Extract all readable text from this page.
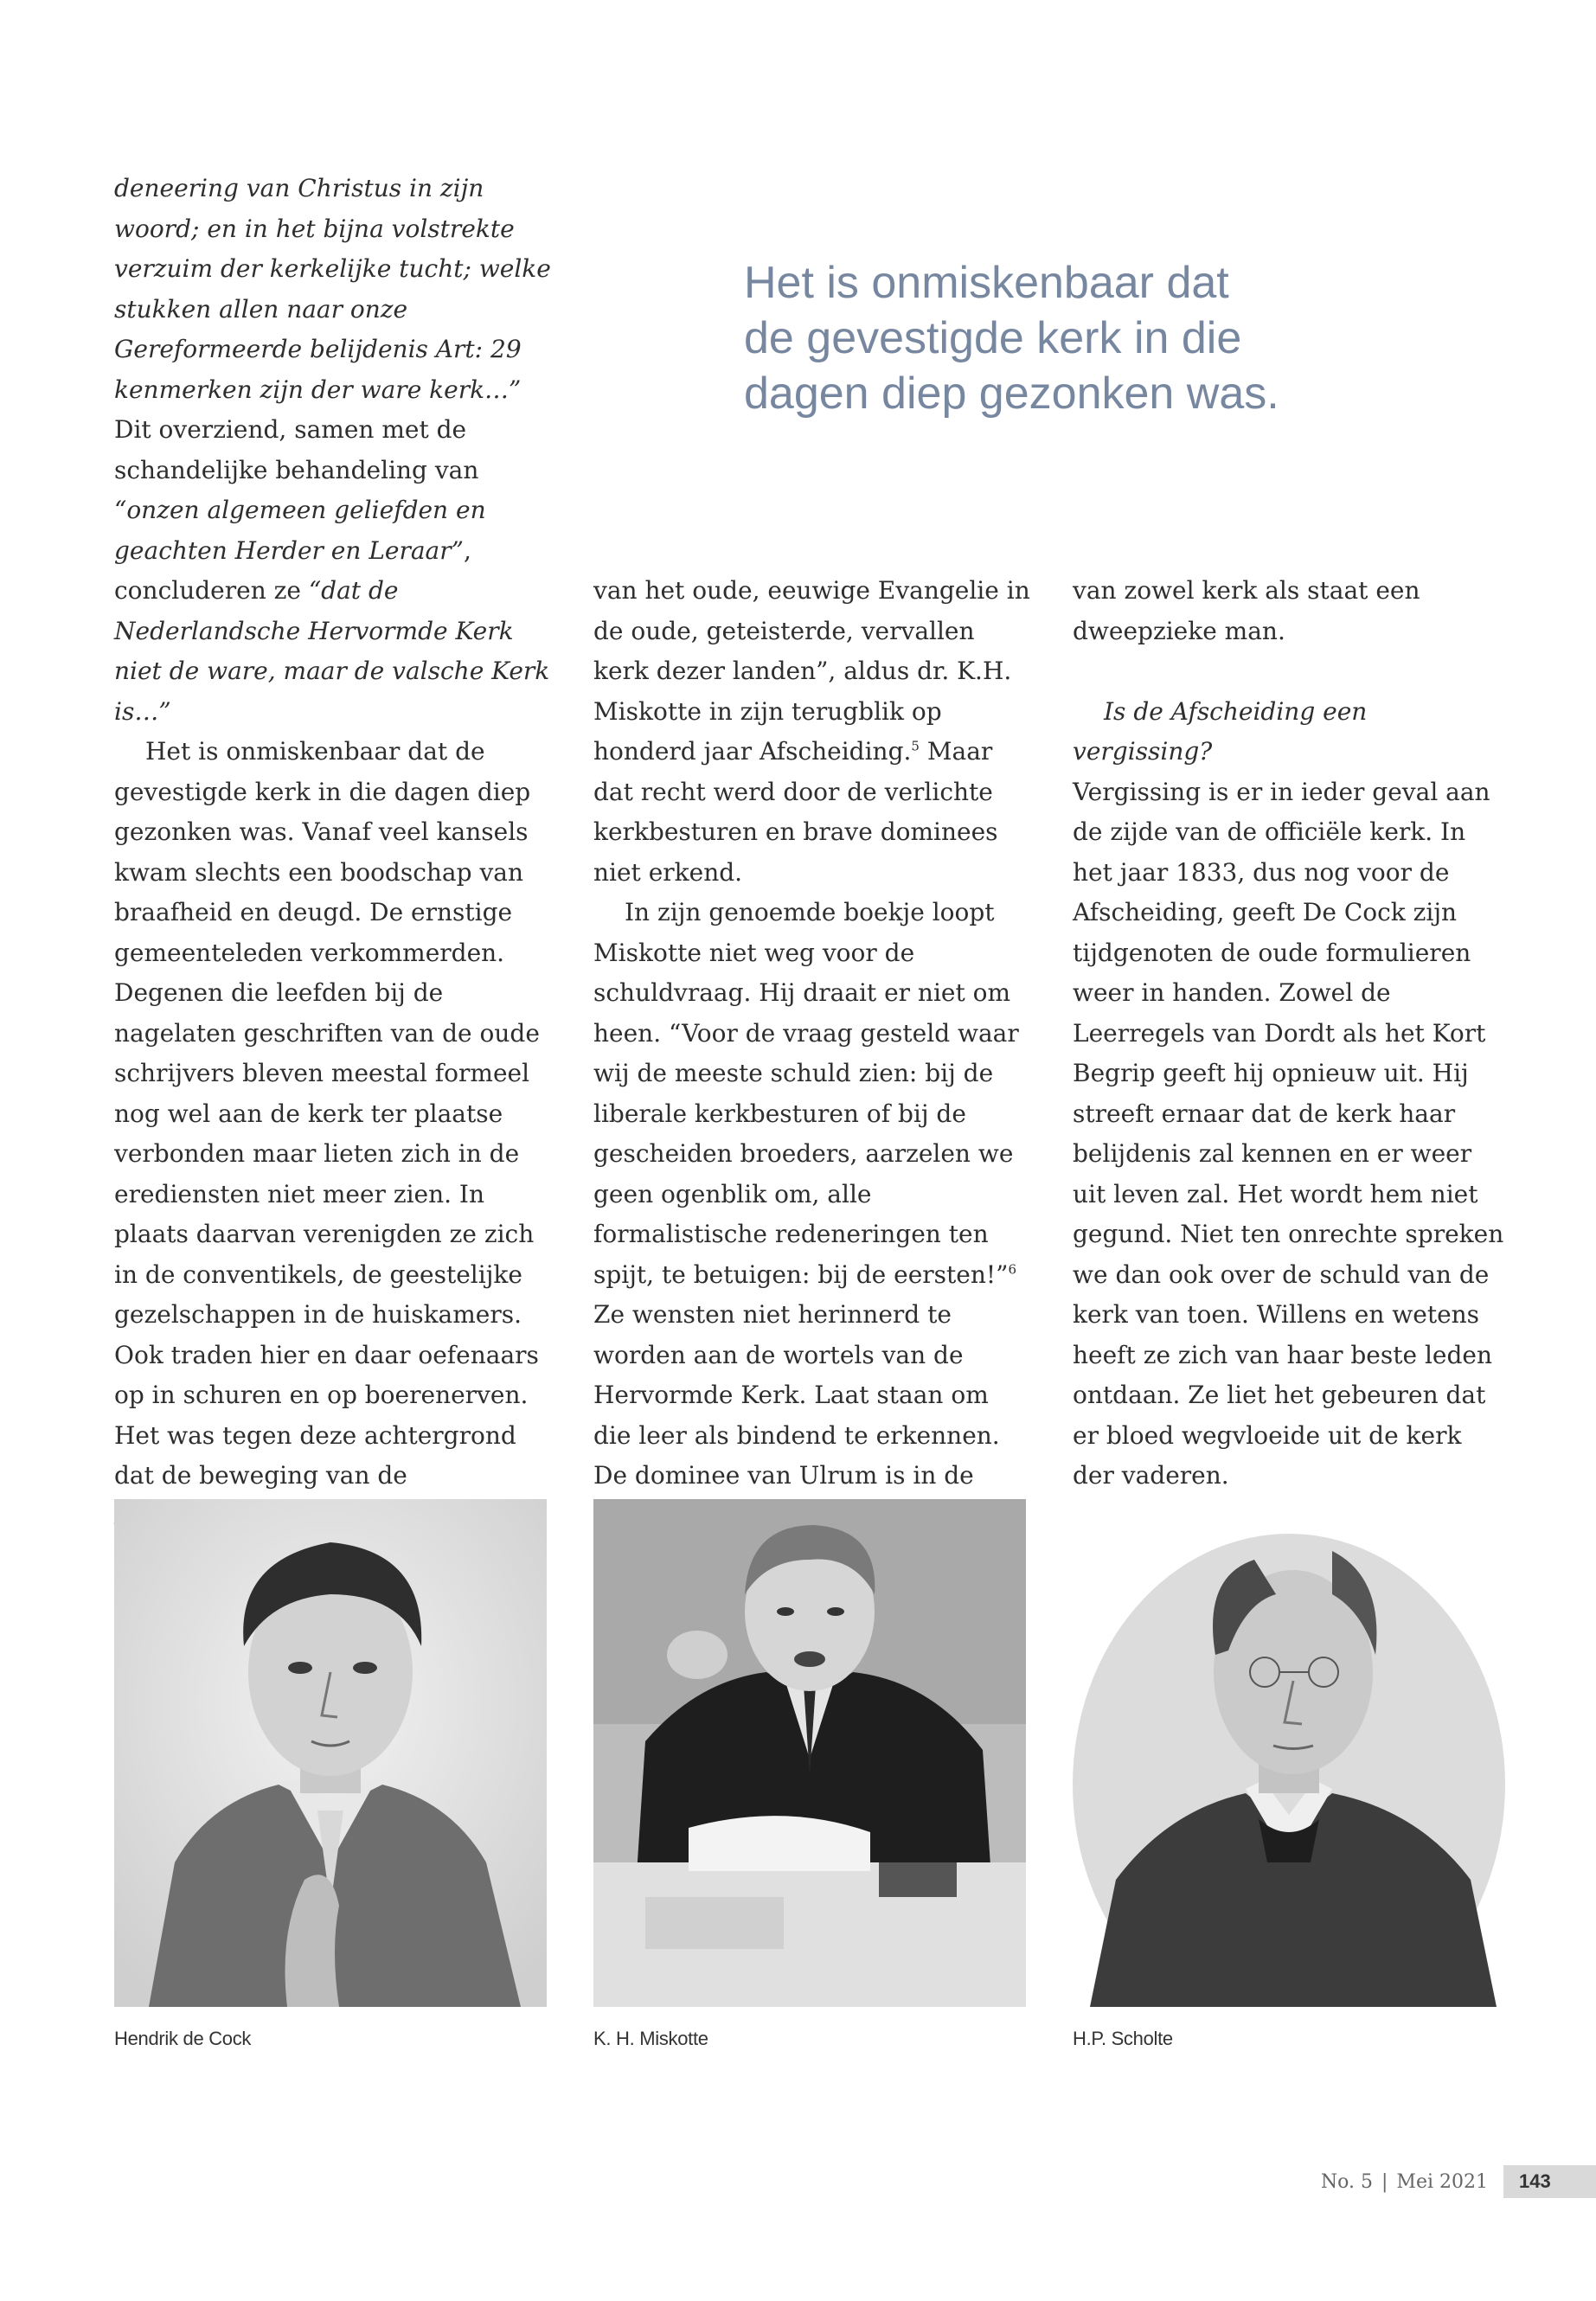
deneering van Christus in zijn woord; en in het bijna volstrekte verzuim der kerkelijke tucht; welke stukken allen naar onze Gereformeerde belijdenis Art: 29 kenmerken zijn der ware kerk…” Dit overziend, samen met de schandelijke behandeling van “onzen algemeen geliefden en geachten Herder en Leraar”, concluderen ze “dat de Nederlandsche Hervormde Kerk niet de ware, maar de valsche Kerk is…”

Het is onmiskenbaar dat de gevestigde kerk in die dagen diep gezonken was. Vanaf veel kansels kwam slechts een boodschap van braafheid en deugd. De ernstige gemeenteleden verkommerden. Degenen die leefden bij de nagelaten geschriften van de oude schrijvers bleven meestal formeel nog wel aan de kerk ter plaatse verbonden maar lieten zich in de erediensten niet meer zien. In plaats daarvan verenigden ze zich in de conventikels, de geestelijke gezelschappen in de huiskamers. Ook traden hier en daar oefenaars op in schuren en op boerenerven. Het was tegen deze achtergrond dat de beweging van de

Het is onmiskenbaar dat de gevestigde kerk in die dagen diep gezonken was.

van het oude, eeuwige Evangelie in de oude, geteisterde, vervallen kerk dezer landen”, aldus dr. K.H. Miskotte in zijn terugblik op honderd jaar Afscheiding.$^5$ Maar dat recht werd door de verlichte kerkbesturen en brave dominees niet erkend.

In zijn genoemde boekje loopt Miskotte niet weg voor de schuldvraag. Hij draait er niet om heen. “Voor de vraag gesteld waar wij de meeste schuld zien: bij de liberale kerkbesturen of bij de gescheiden broeders, aarzelen we geen ogenblik om, alle formalistische redeneringen ten spijt, te betuigen: bij de eersten!”$^6$ Ze wensten niet herinnerd te worden aan de wortels van de Hervormde Kerk. Laat staan om die leer als bindend te erkennen. De dominee van Ulrum is in de

van zowel kerk als staat een dweepzieke man.

Is de Afscheiding een vergissing?

Vergissing is er in ieder geval aan de zijde van de officiële kerk. In het jaar 1833, dus nog voor de Afscheiding, geeft De Cock zijn tijdgenoten de oude formulieren weer in handen. Zowel de Leerregels van Dordt als het Kort Begrip geeft hij opnieuw uit. Hij streeft ernaar dat de kerk haar belijdenis zal kennen en er weer uit leven zal. Het wordt hem niet gegund. Niet ten onrechte spreken we dan ook over de schuld van de kerk van toen. Willens en wetens heeft ze zich van haar beste leden ontdaan. Ze liet het gebeuren dat er bloed wegvloeide uit de kerk der vaderen.

Hendrik de Cock	K. H. Miskotte	H.P. Scholte
No. 5 | Mei 2021	143
